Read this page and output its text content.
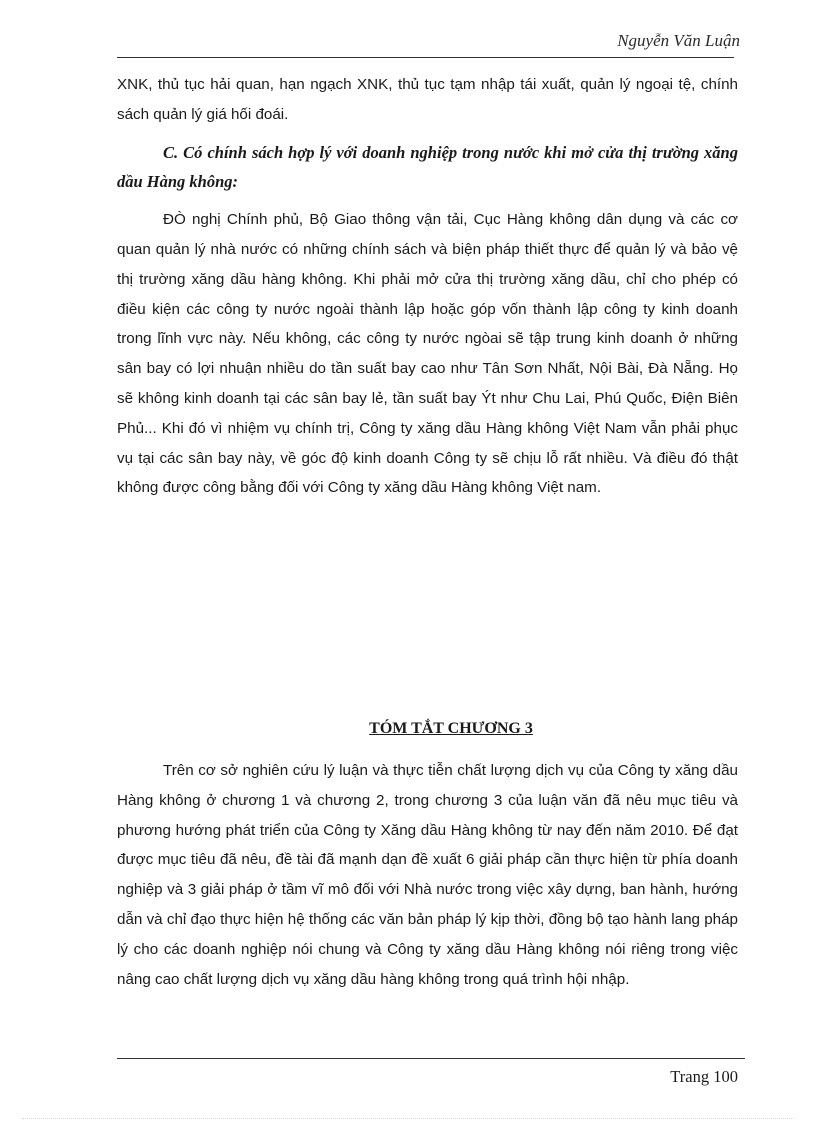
Nguyễn Văn Luận

XNK, thủ tục hải quan, hạn ngạch XNK, thủ tục tạm nhập tái xuất, quản lý ngoại tệ, chính sách quản lý giá hối đoái.

C. Có chính sách hợp lý với doanh nghiệp trong nước khi mở cửa thị trường xăng dầu Hàng không:

ĐÒ nghị Chính phủ, Bộ Giao thông vận tải, Cục Hàng không dân dụng và các cơ quan quản lý nhà nước có những chính sách và biện pháp thiết thực để quản lý và bảo vệ thị trường xăng dầu hàng không. Khi phải mở cửa thị trường xăng dầu, chỉ cho phép có điều kiện các công ty nước ngoài thành lập hoặc góp vốn thành lập công ty kinh doanh trong lĩnh vực này. Nếu không, các công ty nước ngòai sẽ tập trung kinh doanh ở những sân bay có lợi nhuận nhiều do tần suất bay cao như Tân Sơn Nhất, Nội Bài, Đà Nẵng. Họ sẽ không kinh doanh tại các sân bay lẻ, tần suất bay Ýt như Chu Lai, Phú Quốc, Điện Biên Phủ... Khi đó vì nhiệm vụ chính trị, Công ty xăng dầu Hàng không Việt Nam vẫn phải phục vụ tại các sân bay này, về góc độ kinh doanh Công ty sẽ chịu lỗ rất nhiều. Và điều đó thật không được công bằng đối với Công ty xăng dầu Hàng không Việt nam.

TÓM TẮT CHƯƠNG 3

Trên cơ sở nghiên cứu lý luận và thực tiễn chất lượng dịch vụ của Công ty xăng dầu Hàng không ở chương 1 và chương 2, trong chương 3 của luận văn đã nêu mục tiêu và phương hướng phát triển của Công ty Xăng dầu Hàng không từ nay đến năm 2010. Để đạt được mục tiêu đã nêu, đề tài đã mạnh dạn đề xuất 6 giải pháp cần thực hiện từ phía doanh nghiệp và 3 giải pháp ở tầm vĩ mô đối với Nhà nước trong việc xây dựng, ban hành, hướng dẫn và chỉ đạo thực hiện hệ thống các văn bản pháp lý kịp thời, đồng bộ tạo hành lang pháp lý cho các doanh nghiệp nói chung và Công ty xăng dầu Hàng không nói riêng trong việc nâng cao chất lượng dịch vụ xăng dầu hàng không trong quá trình hội nhập.

Trang 100
